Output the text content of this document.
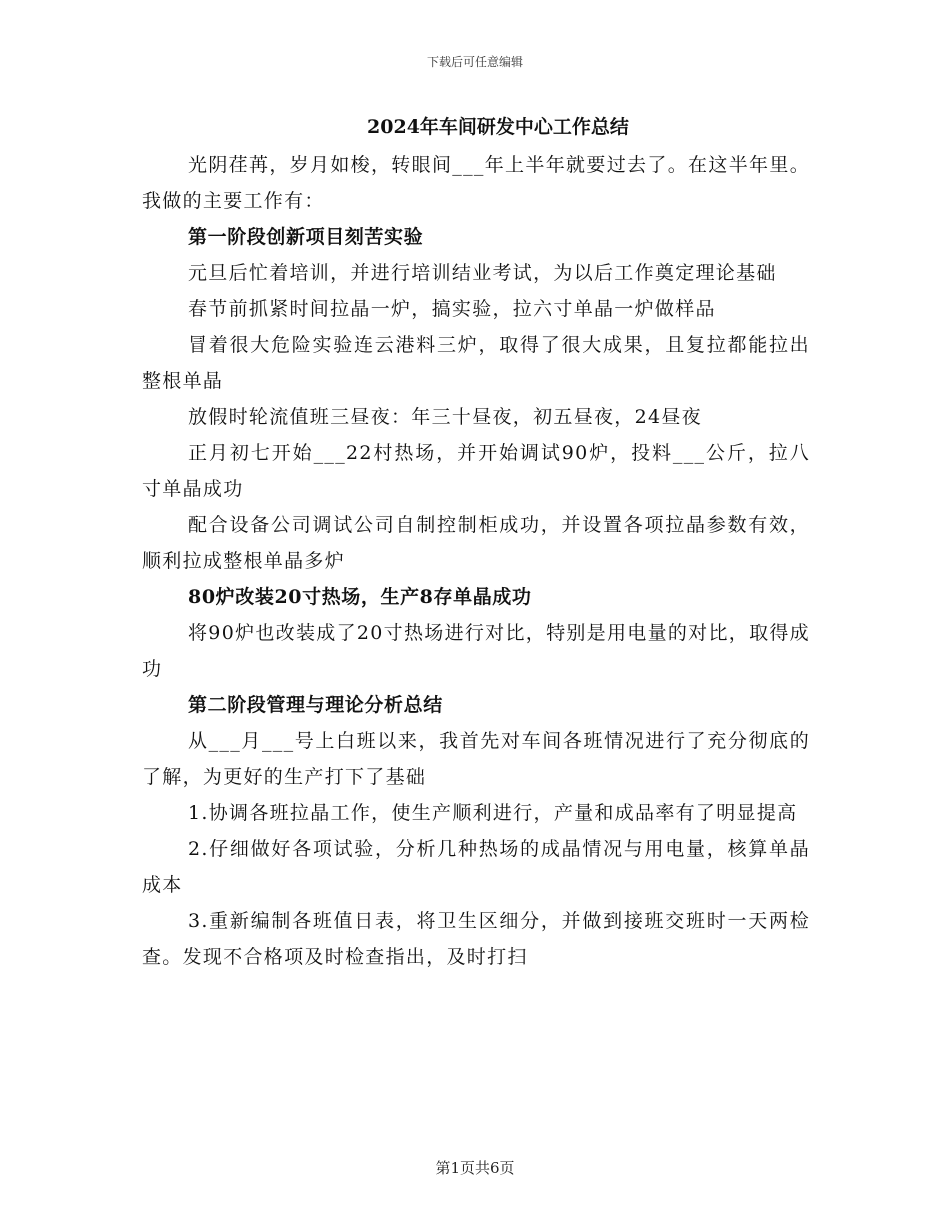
下载后可任意编辑
2024年车间研发中心工作总结

光阴荏苒，岁月如梭，转眼间___年上半年就要过去了。在这半年里。我做的主要工作有：

第一阶段创新项目刻苦实验

元旦后忙着培训，并进行培训结业考试，为以后工作奠定理论基础

春节前抓紧时间拉晶一炉，搞实验，拉六寸单晶一炉做样品

冒着很大危险实验连云港料三炉，取得了很大成果，且复拉都能拉出整根单晶

放假时轮流值班三昼夜：年三十昼夜，初五昼夜，24昼夜

正月初七开始___22村热场，并开始调试90炉，投料___公斤，拉八寸单晶成功

配合设备公司调试公司自制控制柜成功，并设置各项拉晶参数有效，顺利拉成整根单晶多炉

80炉改装20寸热场，生产8存单晶成功

将90炉也改装成了20寸热场进行对比，特别是用电量的对比，取得成功

第二阶段管理与理论分析总结

从___月___号上白班以来，我首先对车间各班情况进行了充分彻底的了解，为更好的生产打下了基础

1.协调各班拉晶工作，使生产顺利进行，产量和成品率有了明显提高

2.仔细做好各项试验，分析几种热场的成晶情况与用电量，核算单晶成本

3.重新编制各班值日表，将卫生区细分，并做到接班交班时一天两检查。发现不合格项及时检查指出，及时打扫

第1页共6页
